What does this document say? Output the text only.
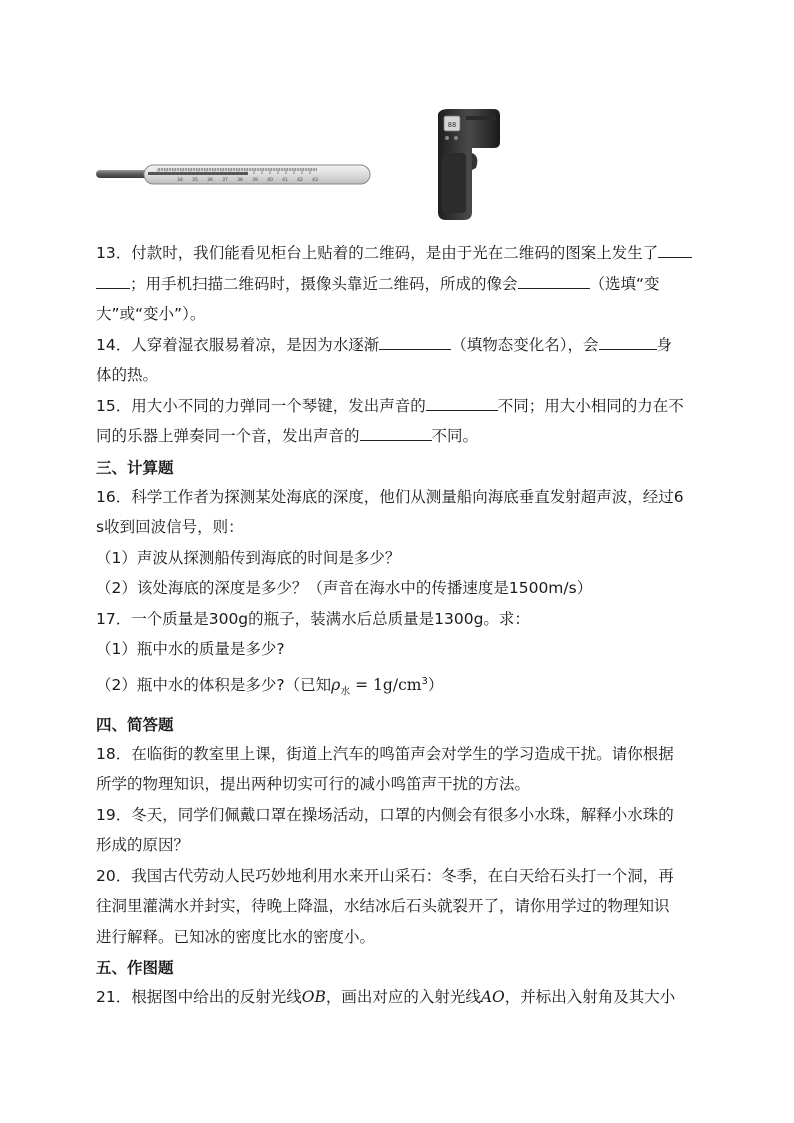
34 35 36 37 38 39 40 41 42 43
88

13．付款时，我们能看见柜台上贴着的二维码，是由于光在二维码的图案上发生了
；用手机扫描二维码时，摄像头靠近二维码，所成的像会	（选填“变
大”或“变小”）。

14．人穿着湿衣服易着凉，是因为水逐渐	（填物态变化名），会	身
体的热。

15．用大小不同的力弹同一个琴键，发出声音的	不同；用大小相同的力在不
同的乐器上弹奏同一个音，发出声音的	不同。

三、计算题

16．科学工作者为探测某处海底的深度，他们从测量船向海底垂直发射超声波，经过6
s收到回波信号，则：

（1）声波从探测船传到海底的时间是多少？

（2）该处海底的深度是多少？（声音在海水中的传播速度是1500m/s）

17．一个质量是300g的瓶子，装满水后总质量是1300g。求：

（1）瓶中水的质量是多少?

（2）瓶中水的体积是多少?（已知$\rho_水 = 1g/cm^3$）

四、简答题

18．在临街的教室里上课，街道上汽车的鸣笛声会对学生的学习造成干扰。请你根据
所学的物理知识，提出两种切实可行的减小鸣笛声干扰的方法。

19．冬天，同学们佩戴口罩在操场活动，口罩的内侧会有很多小水珠，解释小水珠的
形成的原因？

20．我国古代劳动人民巧妙地利用水来开山采石：冬季，在白天给石头打一个洞，再
往洞里灌满水并封实，待晚上降温，水结冰后石头就裂开了，请你用学过的物理知识
进行解释。已知冰的密度比水的密度小。

五、作图题

21．根据图中给出的反射光线OB，画出对应的入射光线AO，并标出入射角及其大小
